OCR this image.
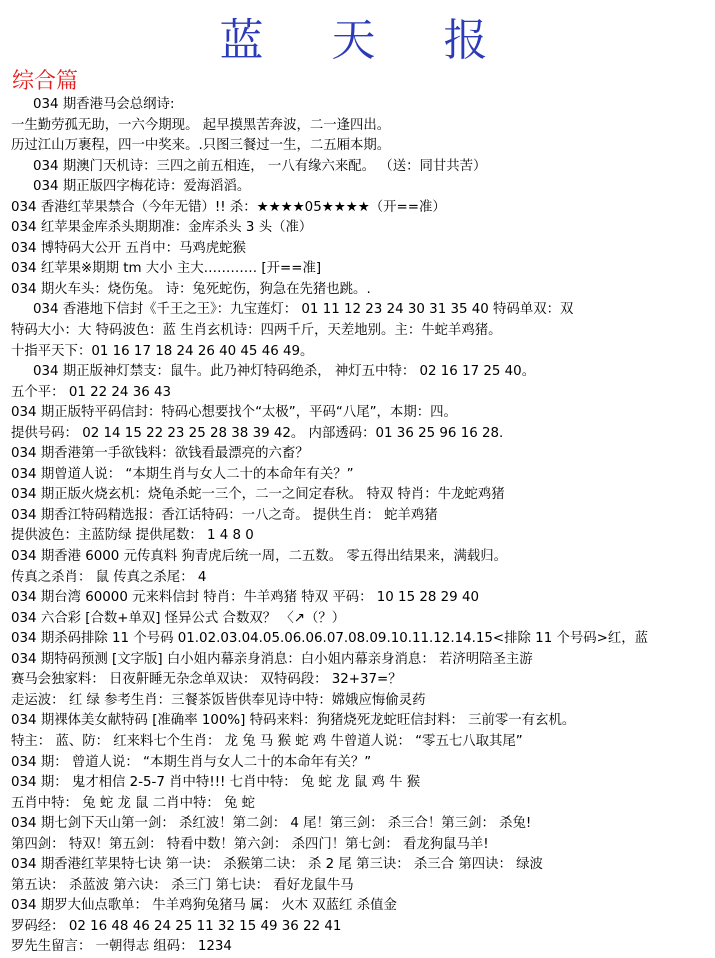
蓝天报
综合篇
034 期香港马会总纲诗:
一生勤劳孤无助，一六今期现。 起早摸黑苦奔波，二一逢四出。
历过江山万裹程，四一中奖来。.只图三餐过一生，二五厢本期。
034 期澳门天机诗：三四之前五相连， 一八有缘六来配。 （送：同甘共苦）
034 期正版四字梅花诗：爱海滔滔。
034 香港红苹果禁合（今年无错）!! 杀：★★★★05★★★★（开==准）
034 红苹果金库杀头期期准：金库杀头 3 头（准）
034 博特码大公开 五肖中：马鸡虎蛇猴
034 红苹果※期期 tm 大小 主大………… [开==准]
034 期火车头：烧伤兔。 诗：兔死蛇伤，狗急在先猪也跳。.
034 香港地下信封《千王之王》：九宝莲灯： 01 11 12 23 24 30 31 35 40 特码单双：双
特码大小：大 特码波色：蓝 生肖玄机诗：四两千斤，天差地别。主：牛蛇羊鸡猪。
十指平天下：01 16 17 18 24 26 40 45 46 49。
034 期正版神灯禁支：鼠牛。此乃神灯特码绝杀， 神灯五中特： 02 16 17 25 40。
五个平： 01 22 24 36 43
034 期正版特平码信封：特码心想要找个“太极”，平码“八尾”，本期：四。
提供号码： 02 14 15 22 23 25 28 38 39 42。 内部透码：01 36 25 96 16 28.
034 期香港第一手欲钱料：欲钱看最漂亮的六畜？
034 期曾道人说： “本期生肖与女人二十的本命年有关？”
034 期正版火烧玄机：烧龟杀蛇一三个，二一之间定春秋。 特双 特肖：牛龙蛇鸡猪
034 期香江特码精选报：香江话特码：一八之奇。 提供生肖： 蛇羊鸡猪
提供波色：主蓝防绿 提供尾数： 1 4 8 0
034 期香港 6000 元传真料 狗青虎后统一周，二五数。 零五得出结果来，满载归。
传真之杀肖： 鼠 传真之杀尾： 4
034 期台湾 60000 元来料信封 特肖：牛羊鸡猪 特双 平码： 10 15 28 29 40
034 六合彩 [合数+单双] 怪异公式 合数双？ 〈↗（？）
034 期杀码排除 11 个号码 01.02.03.04.05.06.06.07.08.09.10.11.12.14.15<排除 11 个号码>红，蓝
034 期特码预测 [文字版] 白小姐内幕亲身消息：白小姐内幕亲身消息： 若济明陪圣主游
赛马会独家料： 日夜鼾睡无杂念单双诀： 双特码段： 32+37=？
走运波： 红 绿 参考生肖：三餐茶饭皆供奉见诗中特：嫦娥应悔偷灵药
034 期裸体美女献特码 [准确率 100%] 特码来料：狗猪烧死龙蛇旺信封料： 三前零一有玄机。
特主： 蓝、防： 红来料七个生肖： 龙 兔 马 猴 蛇 鸡 牛曾道人说： “零五七八取其尾”
034 期： 曾道人说： “本期生肖与女人二十的本命年有关？”
034 期： 鬼才相信 2-5-7 肖中特!!! 七肖中特： 兔 蛇 龙 鼠 鸡 牛 猴
五肖中特： 兔 蛇 龙 鼠 二肖中特： 兔 蛇
034 期七剑下天山第一剑： 杀红波！第二剑： 4 尾！第三剑： 杀三合！第三剑： 杀兔!
第四剑： 特双！第五剑： 特看中数！第六剑： 杀四门！第七剑： 看龙狗鼠马羊!
034 期香港红苹果特七诀 第一诀： 杀猴第二诀： 杀 2 尾 第三诀： 杀三合 第四诀： 绿波
第五诀： 杀蓝波 第六诀： 杀三门 第七诀： 看好龙鼠牛马
034 期罗大仙点歌单： 牛羊鸡狗兔猪马 属： 火木 双蓝红 杀值金
罗码经： 02 16 48 46 24 25 11 32 15 49 36 22 41
罗先生留言： 一朝得志 组码： 1234
